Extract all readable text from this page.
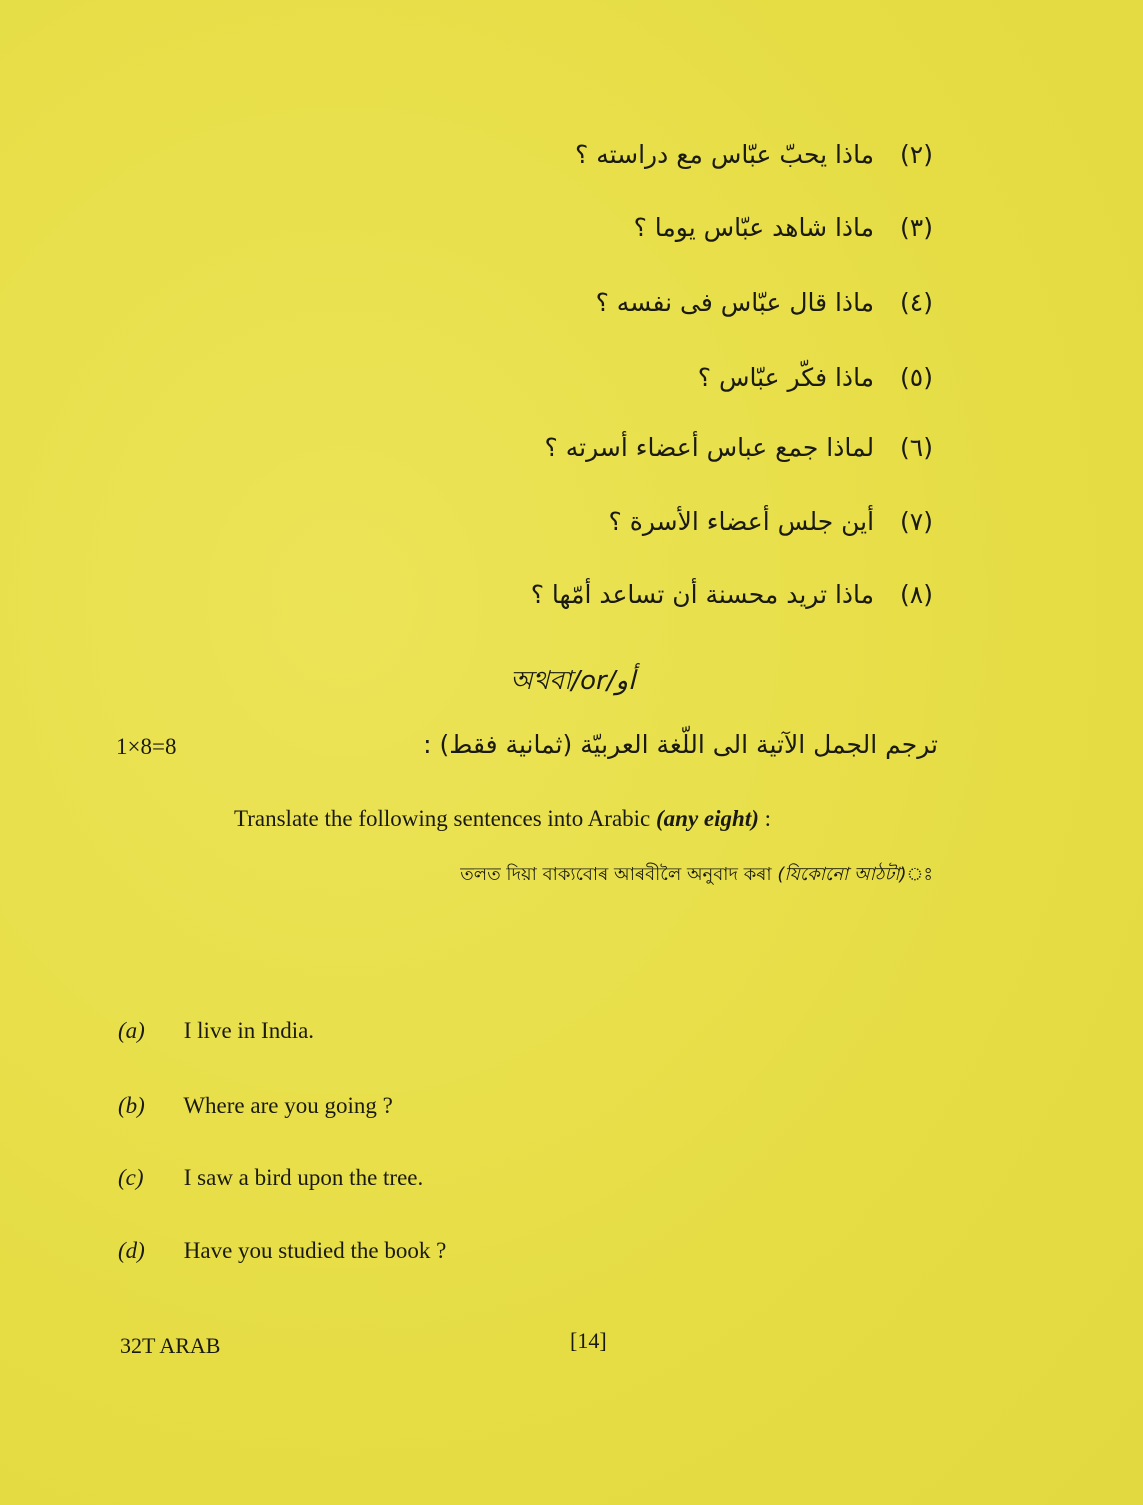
(٢) ماذا يحبّ عبّاس مع دراسته ؟
(٣) ماذا شاهد عبّاس يوما ؟
(٤) ماذا قال عبّاس فى نفسه ؟
(٥) ماذا فكّر عبّاس ؟
(٦) لماذا جمع عباس أعضاء أسرته ؟
(٧) أين جلس أعضاء الأسرة ؟
(٨) ماذا تريد محسنة أن تساعد أمّها ؟
অথবা/or/أو
1×8=8	ترجم الجمل الآتية الى اللّغة العربيّة (ثمانية فقط) :
Translate the following sentences into Arabic (any eight) :
তলত দিয়া বাক্যবোৰ আৰবীলৈ অনুবাদ কৰা (যিকোনো আঠটা)ঃ
(a) I live in India.
(b) Where are you going ?
(c) I saw a bird upon the tree.
(d) Have you studied the book ?
32T ARAB	[14]
